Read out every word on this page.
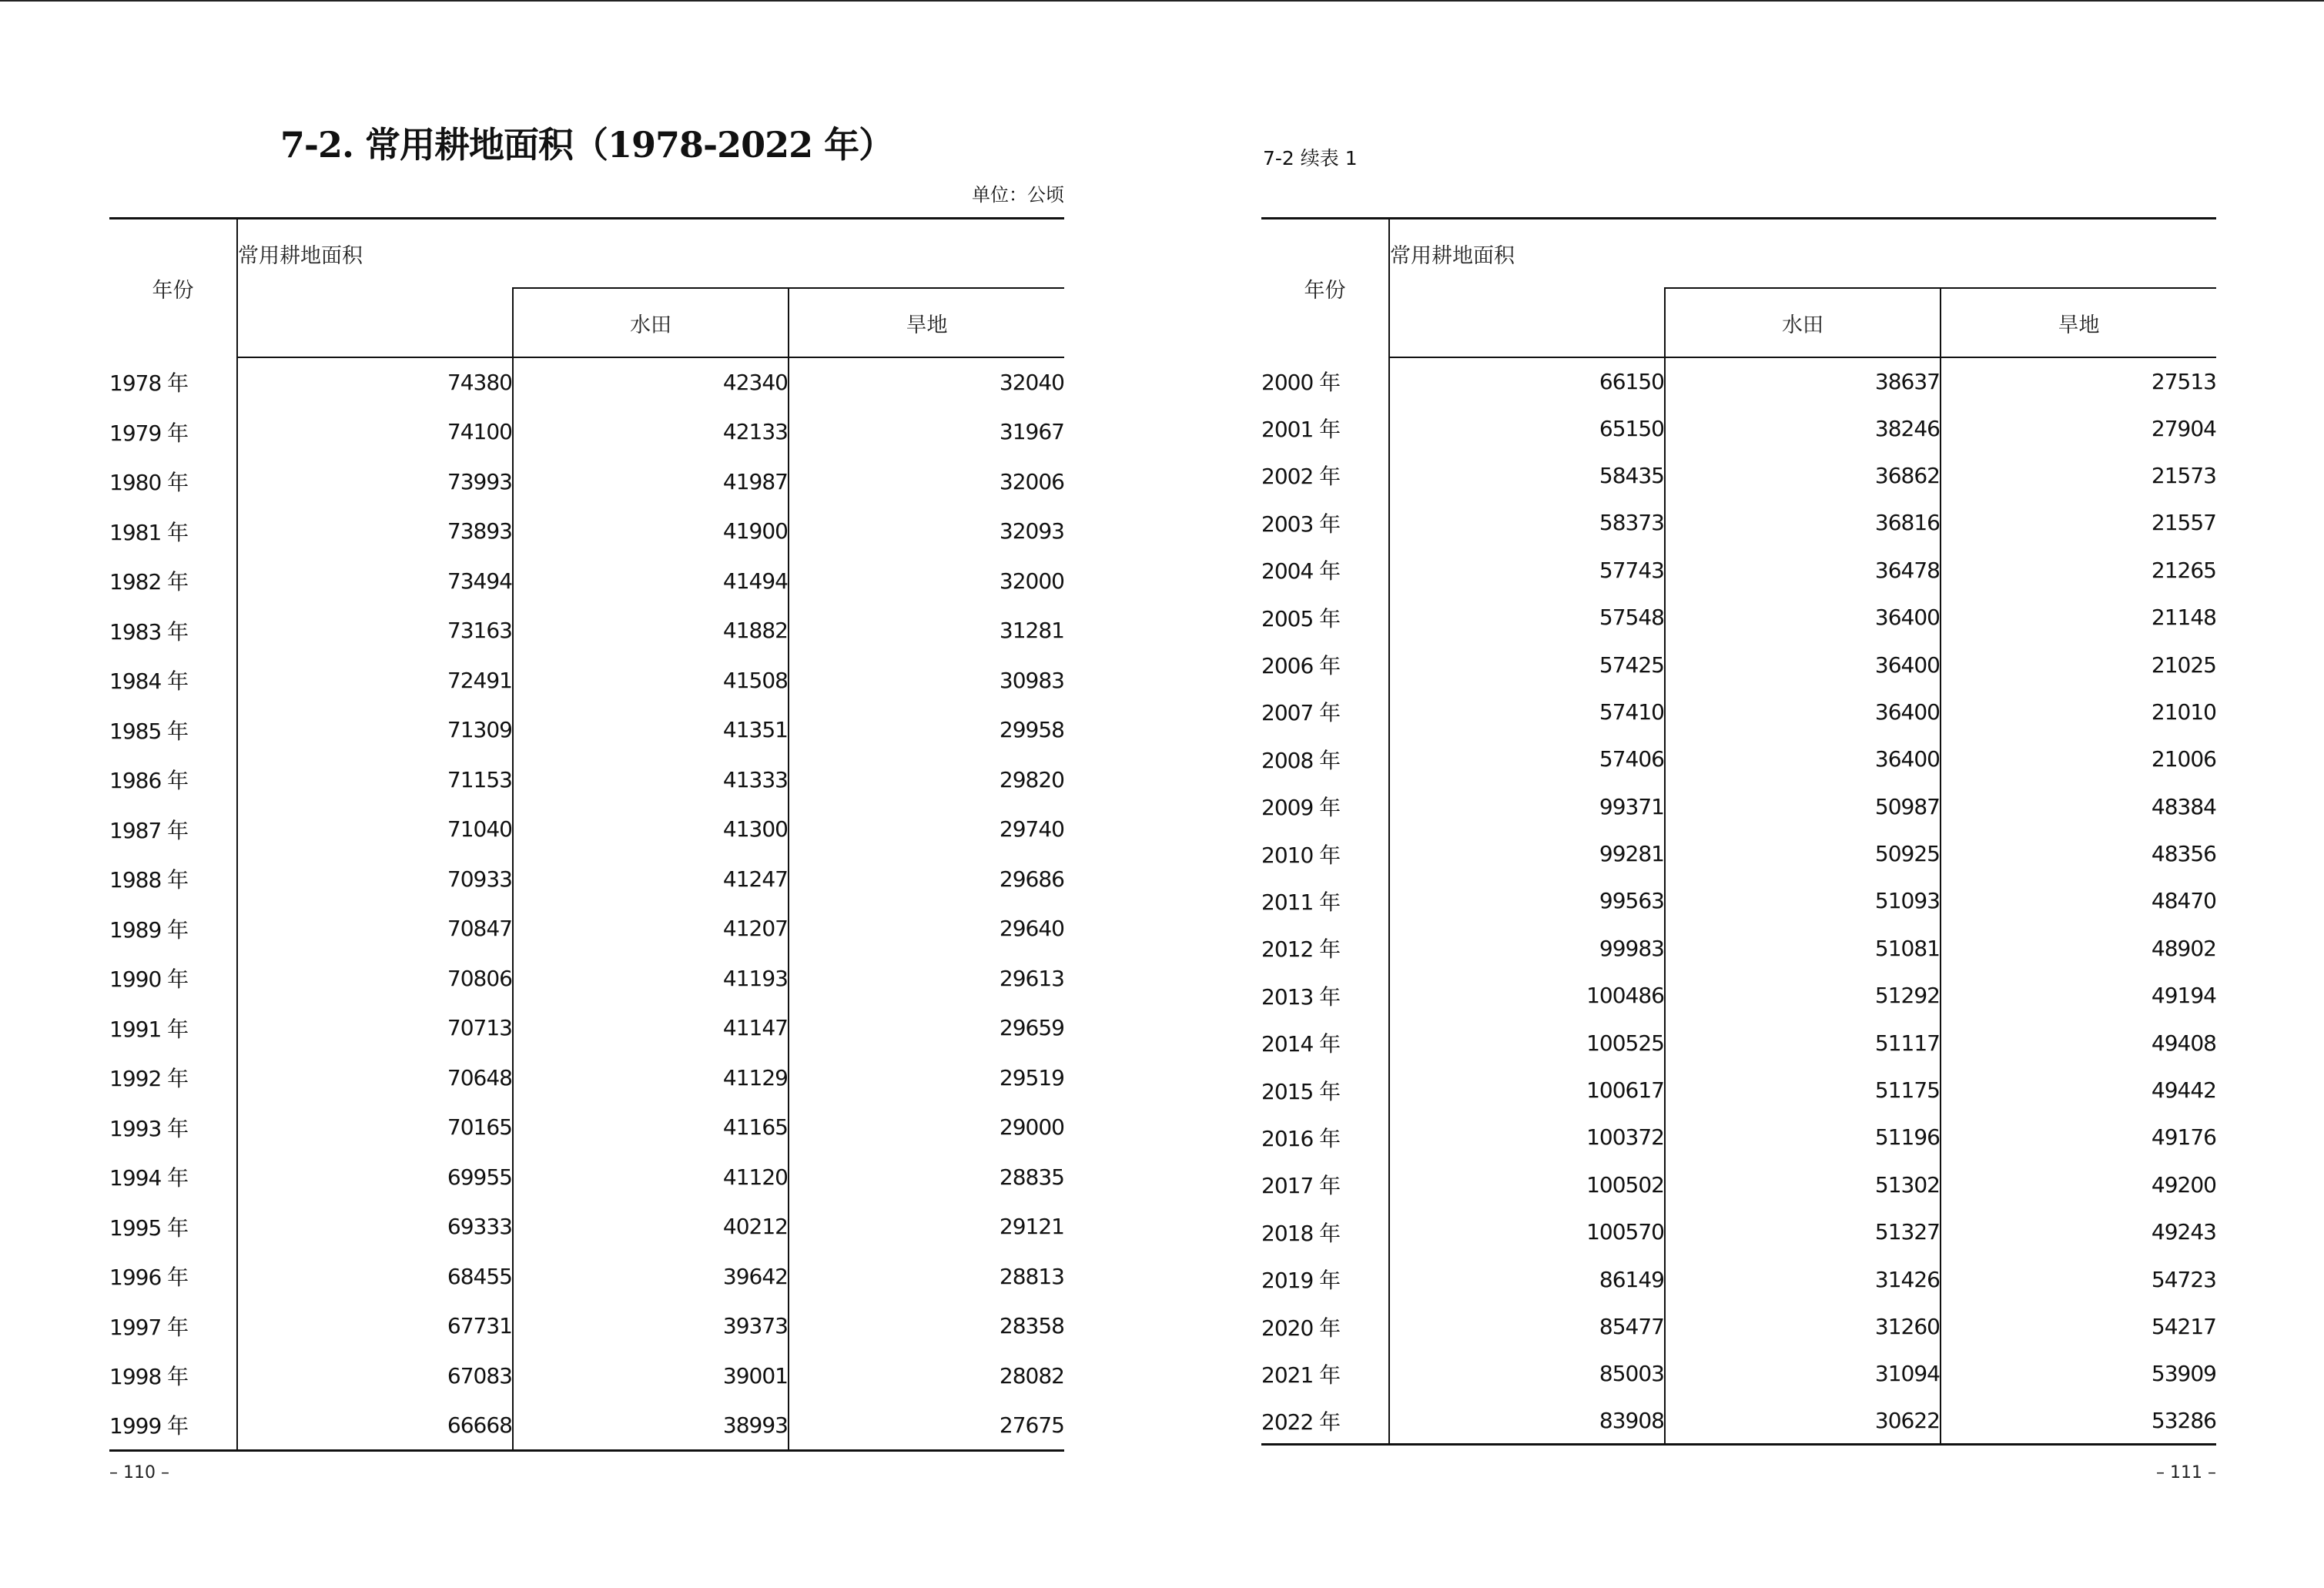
7-2. 常用耕地面积（1978-2022 年）
单位：公顷
年份	常用耕地面积		
		水田	旱地
1978 年	74380	42340	32040
1979 年	74100	42133	31967
1980 年	73993	41987	32006
1981 年	73893	41900	32093
1982 年	73494	41494	32000
1983 年	73163	41882	31281
1984 年	72491	41508	30983
1985 年	71309	41351	29958
1986 年	71153	41333	29820
1987 年	71040	41300	29740
1988 年	70933	41247	29686
1989 年	70847	41207	29640
1990 年	70806	41193	29613
1991 年	70713	41147	29659
1992 年	70648	41129	29519
1993 年	70165	41165	29000
1994 年	69955	41120	28835
1995 年	69333	40212	29121
1996 年	68455	39642	28813
1997 年	67731	39373	28358
1998 年	67083	39001	28082
1999 年	66668	38993	27675
– 110 –
7-2 续表 1
年份	常用耕地面积		
		水田	旱地
2000 年	66150	38637	27513
2001 年	65150	38246	27904
2002 年	58435	36862	21573
2003 年	58373	36816	21557
2004 年	57743	36478	21265
2005 年	57548	36400	21148
2006 年	57425	36400	21025
2007 年	57410	36400	21010
2008 年	57406	36400	21006
2009 年	99371	50987	48384
2010 年	99281	50925	48356
2011 年	99563	51093	48470
2012 年	99983	51081	48902
2013 年	100486	51292	49194
2014 年	100525	51117	49408
2015 年	100617	51175	49442
2016 年	100372	51196	49176
2017 年	100502	51302	49200
2018 年	100570	51327	49243
2019 年	86149	31426	54723
2020 年	85477	31260	54217
2021 年	85003	31094	53909
2022 年	83908	30622	53286
– 111 –
